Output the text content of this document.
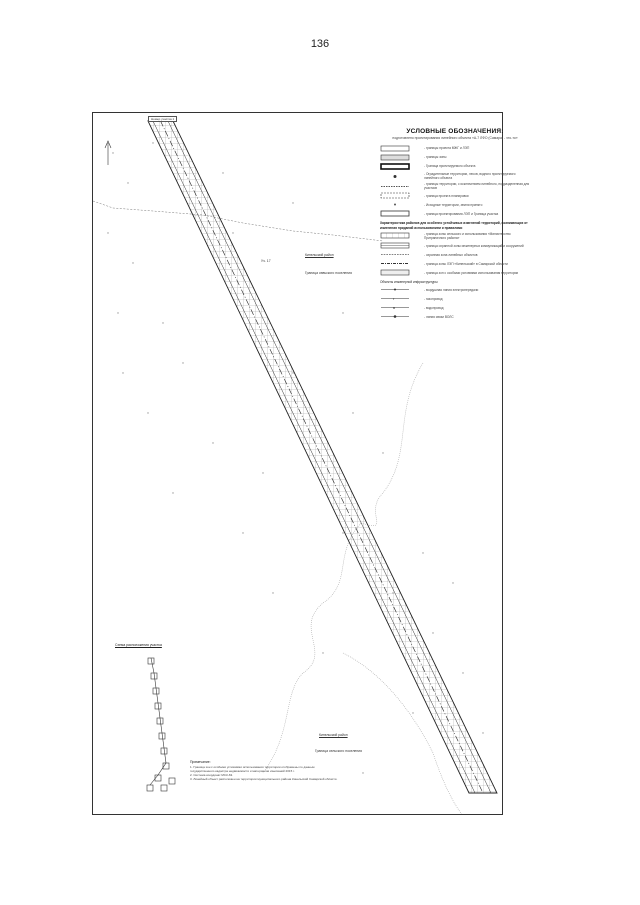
136
Кинельский район
Граница сельского поселения
Уч. 17
Кинельский район
Граница сельского поселения
Номер участка 1
УСЛОВНЫЕ ОБОЗНАЧЕНИЯ:
подготовлено проектирования линейного объекта «А-7 ЛФО (Самара) - что-то»
- границы проекта МЖГ и ЛЭП
- границы зоны
- Граница проектируемого объекта
- Оградительные территории, лесов, водного проектируемого линейного объекта
- границы территории, с исключением линейного, подразделенная для участков
- граница проекта планировки
- Исходные территории, земли принято
- граница проектирования ЛЭП и Граница участка
Характеристика районов для особенно устойчивых изменений территорий, возникающих от изменения приданий использованием и правилами
- граница зоны сельского и использования «Министерство Приграничного района»
- граница охранной зоны инженерных коммуникаций и сооружений
- охранная зона линейных объектов
- граница зоны ЛЭП «Кинельский» в Самарской области
- граница зон с особыми условиями использования территории
Объекты инженерной инфраструктуры
- воздушная линия электропередачи
г	- газопровод
в	- водопровод
- линия связи ВОЛС
Схема расположения участка
Примечание:
1. Граница зон с особыми условиями использования территории отображены по данным
государственного кадастра недвижимости и материалов изысканий 2015 г.
2. Система координат МСК-63.
3. Линейный объект расположен на территории муниципального района Кинельский Самарской области.
